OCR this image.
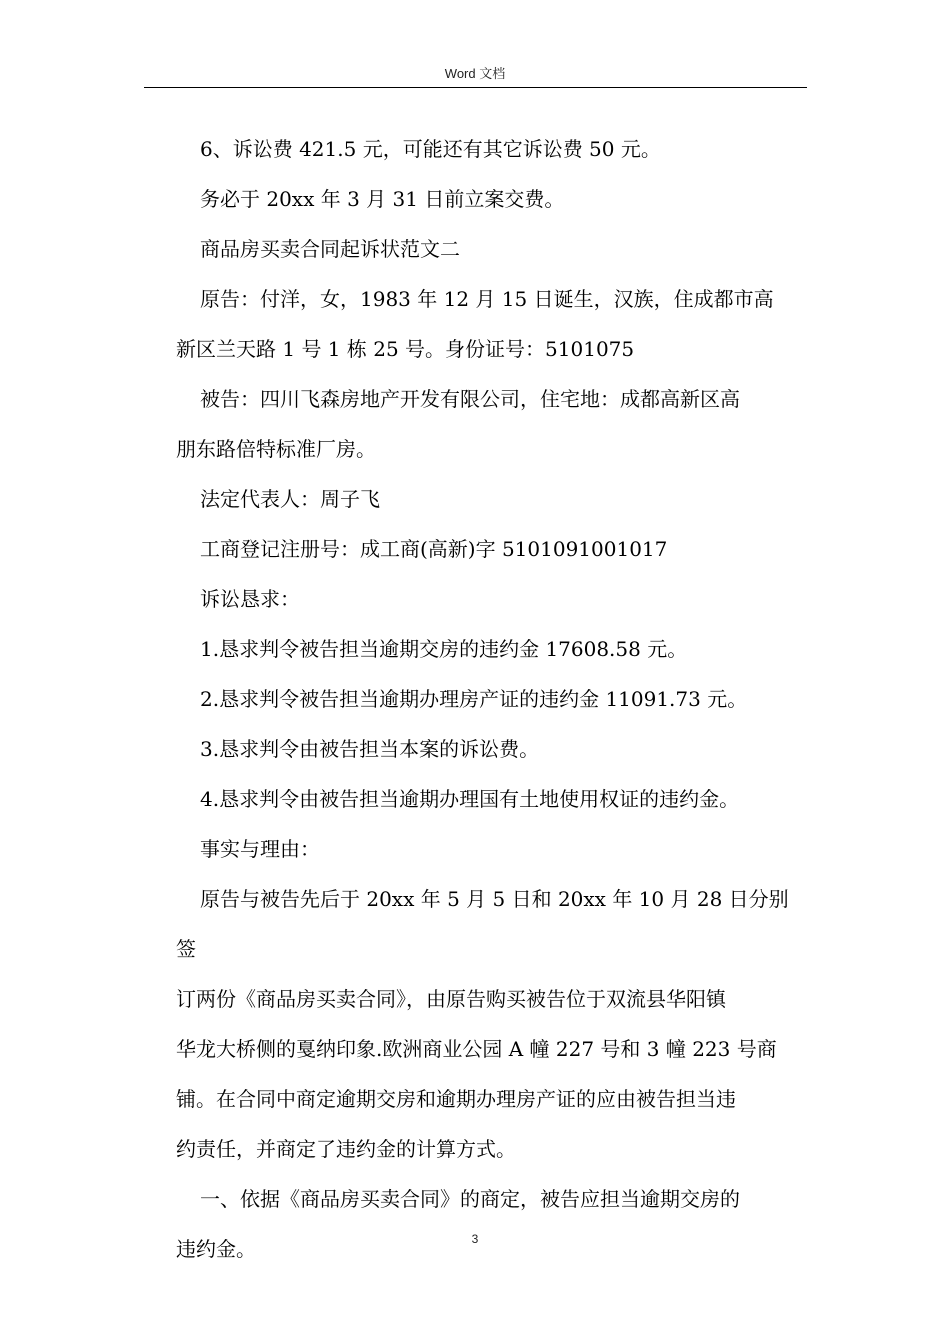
Word 文档

6、诉讼费 421.5 元，可能还有其它诉讼费 50 元。

务必于 20xx 年 3 月 31 日前立案交费。

商品房买卖合同起诉状范文二

原告：付洋，女，1983 年 12 月 15 日诞生，汉族，住成都市高
新区兰天路 1 号 1 栋 25 号。身份证号：5101075

被告：四川飞森房地产开发有限公司，住宅地：成都高新区高
朋东路倍特标准厂房。

法定代表人：周子飞

工商登记注册号：成工商(高新)字 5101091001017

诉讼恳求：

1.恳求判令被告担当逾期交房的违约金 17608.58 元。

2.恳求判令被告担当逾期办理房产证的违约金 11091.73 元。

3.恳求判令由被告担当本案的诉讼费。

4.恳求判令由被告担当逾期办理国有土地使用权证的违约金。

事实与理由：

原告与被告先后于 20xx 年 5 月 5 日和 20xx 年 10 月 28 日分别签
订两份《商品房买卖合同》，由原告购买被告位于双流县华阳镇
华龙大桥侧的戛纳印象.欧洲商业公园 A 幢 227 号和 3 幢 223 号商
铺。在合同中商定逾期交房和逾期办理房产证的应由被告担当违
约责任，并商定了违约金的计算方式。

一、依据《商品房买卖合同》的商定，被告应担当逾期交房的
违约金。	3
